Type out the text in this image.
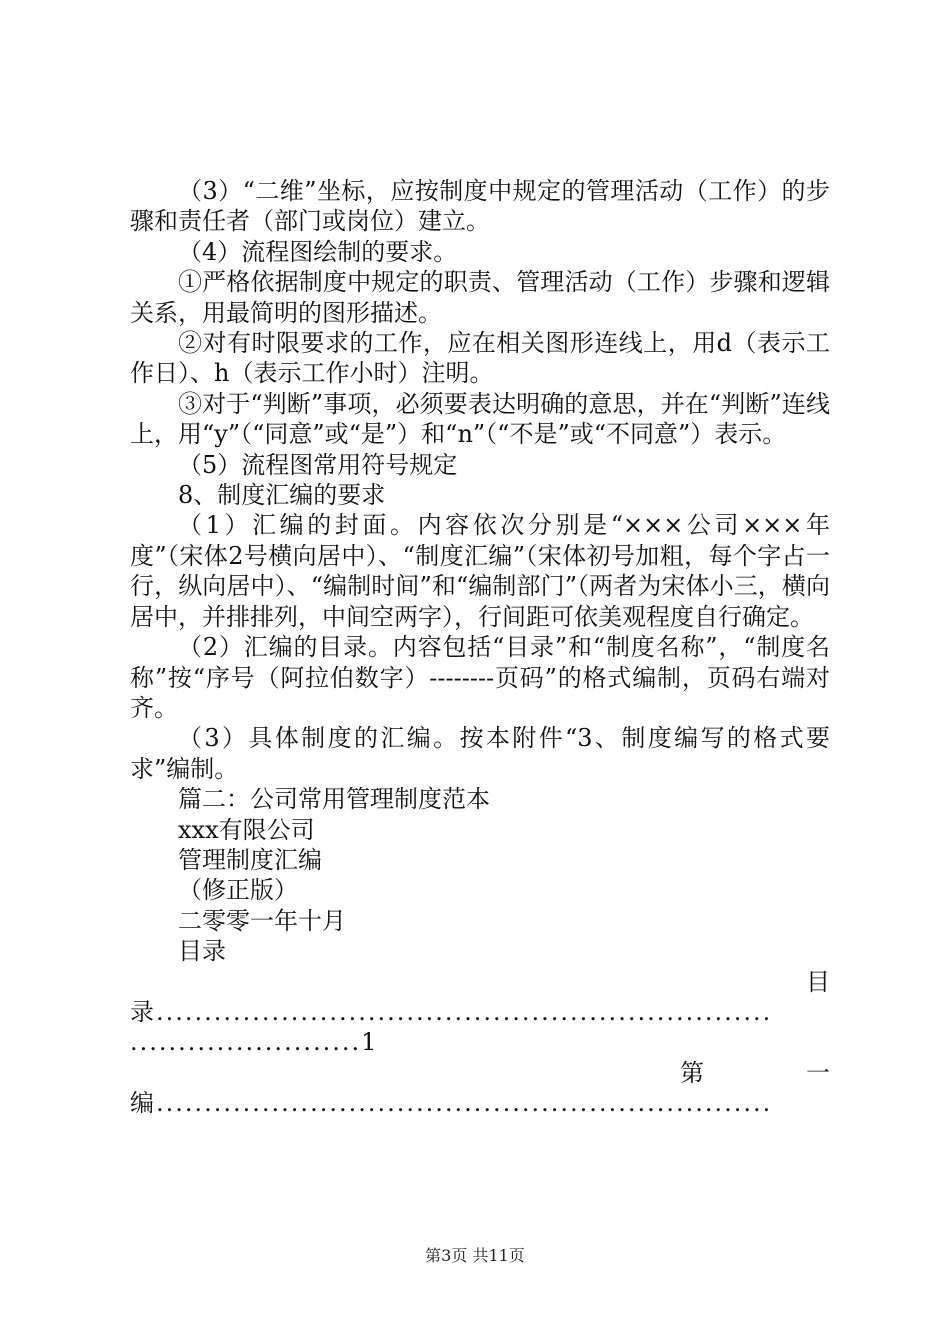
（3）“二维”坐标，应按制度中规定的管理活动（工作）的步骤和责任者（部门或岗位）建立。

（4）流程图绘制的要求。

①严格依据制度中规定的职责、管理活动（工作）步骤和逻辑关系，用最简明的图形描述。

②对有时限要求的工作，应在相关图形连线上，用d（表示工作日）、h（表示工作小时）注明。

③对于“判断”事项，必须要表达明确的意思，并在“判断”连线上，用“y”（“同意”或“是”）和“n”（“不是”或“不同意”）表示。

（5）流程图常用符号规定

8、制度汇编的要求

（1）汇编的封面。内容依次分别是“×××公司×××年度”（宋体2号横向居中）、“制度汇编”（宋体初号加粗，每个字占一行，纵向居中）、“编制时间”和“编制部门”（两者为宋体小三，横向居中，并排排列，中间空两字），行间距可依美观程度自行确定。

（2）汇编的目录。内容包括“目录”和“制度名称”，“制度名称”按“序号（阿拉伯数字）--------页码”的格式编制，页码右端对齐。

（3）具体制度的汇编。按本附件“3、制度编写的格式要求”编制。

篇二：公司常用管理制度范本

xxx有限公司

管理制度汇编

（修正版）

二零零一年十月

目录

目

录................................................................

........................1

第	一

编................................................................

第3页 共11页
